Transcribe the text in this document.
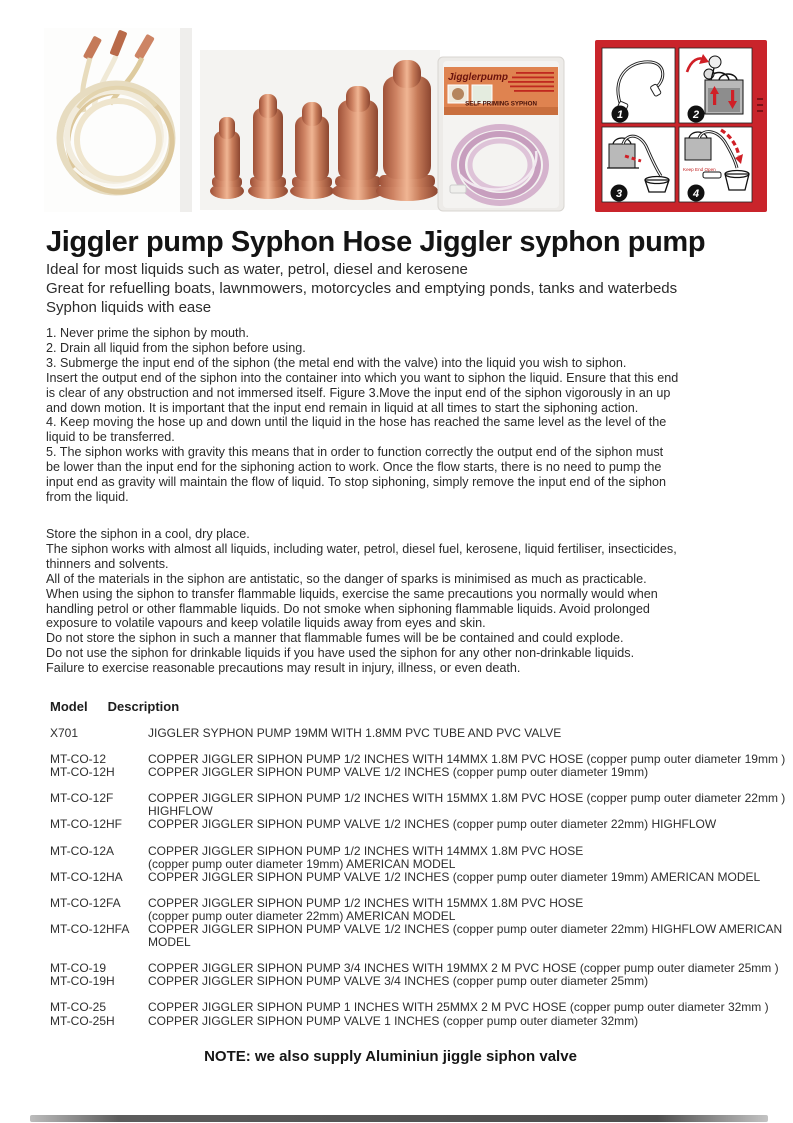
Jigglerpump
SELF PRIMING SYPHON
1	2
3
Keep End Open
4
Jiggler pump Syphon Hose Jiggler syphon pump
Ideal for most liquids such as water, petrol, diesel and kerosene
Great for refuelling boats, lawnmowers, motorcycles and emptying ponds, tanks and waterbeds
Syphon liquids with ease
1. Never prime the siphon by mouth.
2. Drain all liquid from the siphon before using.
3. Submerge the input end of the siphon (the metal end with the valve) into the liquid you wish to siphon.
Insert the output end of the siphon into the container into which you want to siphon the liquid. Ensure that this end
is clear of any obstruction and not immersed itself. Figure 3.Move the input end of the siphon vigorously in an up
and down motion. It is important that the input end remain in liquid at all times to start the siphoning action.
4. Keep moving the hose up and down until the liquid in the hose has reached the same level as the level of the
liquid to be transferred.
5. The siphon works with gravity this means that in order to function correctly the output end of the siphon must
be lower than the input end for the siphoning action to work. Once the flow starts, there is no need to pump the
input end as gravity will maintain the flow of liquid. To stop siphoning, simply remove the input end of the siphon
from the liquid.
Store the siphon in a cool, dry place.
The siphon works with almost all liquids, including water, petrol, diesel fuel, kerosene, liquid fertiliser, insecticides,
thinners and solvents.
All of the materials in the siphon are antistatic, so the danger of sparks is minimised as much as practicable.
When using the siphon to transfer flammable liquids, exercise the same precautions you normally would when
handling petrol or other flammable liquids. Do not smoke when siphoning flammable liquids. Avoid prolonged
exposure to volatile vapours and keep volatile liquids away from eyes and skin.
Do not store the siphon in such a manner that flammable fumes will be be contained and could explode.
Do not use the siphon for drinkable liquids if you have used the siphon for any other non-drinkable liquids.
Failure to exercise reasonable precautions may result in injury, illness, or even death.
Model Description
X701	JIGGLER SYPHON PUMP 19MM WITH 1.8MM PVC TUBE AND PVC VALVE
MT-CO-12	COPPER JIGGLER SIPHON PUMP 1/2 INCHES WITH 14MMX 1.8M PVC HOSE (copper pump outer diameter 19mm )
MT-CO-12H	COPPER JIGGLER SIPHON PUMP VALVE 1/2 INCHES (copper pump outer diameter 19mm)
MT-CO-12F	COPPER JIGGLER SIPHON PUMP 1/2 INCHES WITH 15MMX 1.8M PVC HOSE (copper pump outer diameter 22mm )
HIGHFLOW
MT-CO-12HF	COPPER JIGGLER SIPHON PUMP VALVE 1/2 INCHES (copper pump outer diameter 22mm) HIGHFLOW
MT-CO-12A	COPPER JIGGLER SIPHON PUMP 1/2 INCHES WITH 14MMX 1.8M PVC HOSE
(copper pump outer diameter 19mm) AMERICAN MODEL
MT-CO-12HA	COPPER JIGGLER SIPHON PUMP VALVE 1/2 INCHES (copper pump outer diameter 19mm) AMERICAN MODEL
MT-CO-12FA	COPPER JIGGLER SIPHON PUMP 1/2 INCHES WITH 15MMX 1.8M PVC HOSE
(copper pump outer diameter 22mm) AMERICAN MODEL
MT-CO-12HFA	COPPER JIGGLER SIPHON PUMP VALVE 1/2 INCHES (copper pump outer diameter 22mm) HIGHFLOW AMERICAN
MODEL
MT-CO-19	COPPER JIGGLER SIPHON PUMP 3/4 INCHES WITH 19MMX 2 M PVC HOSE (copper pump outer diameter 25mm )
MT-CO-19H	COPPER JIGGLER SIPHON PUMP VALVE 3/4 INCHES (copper pump outer diameter 25mm)
MT-CO-25	COPPER JIGGLER SIPHON PUMP 1 INCHES WITH 25MMX 2 M PVC HOSE (copper pump outer diameter 32mm )
MT-CO-25H	COPPER JIGGLER SIPHON PUMP VALVE 1 INCHES (copper pump outer diameter 32mm)
NOTE: we also supply Aluminiun jiggle siphon valve
